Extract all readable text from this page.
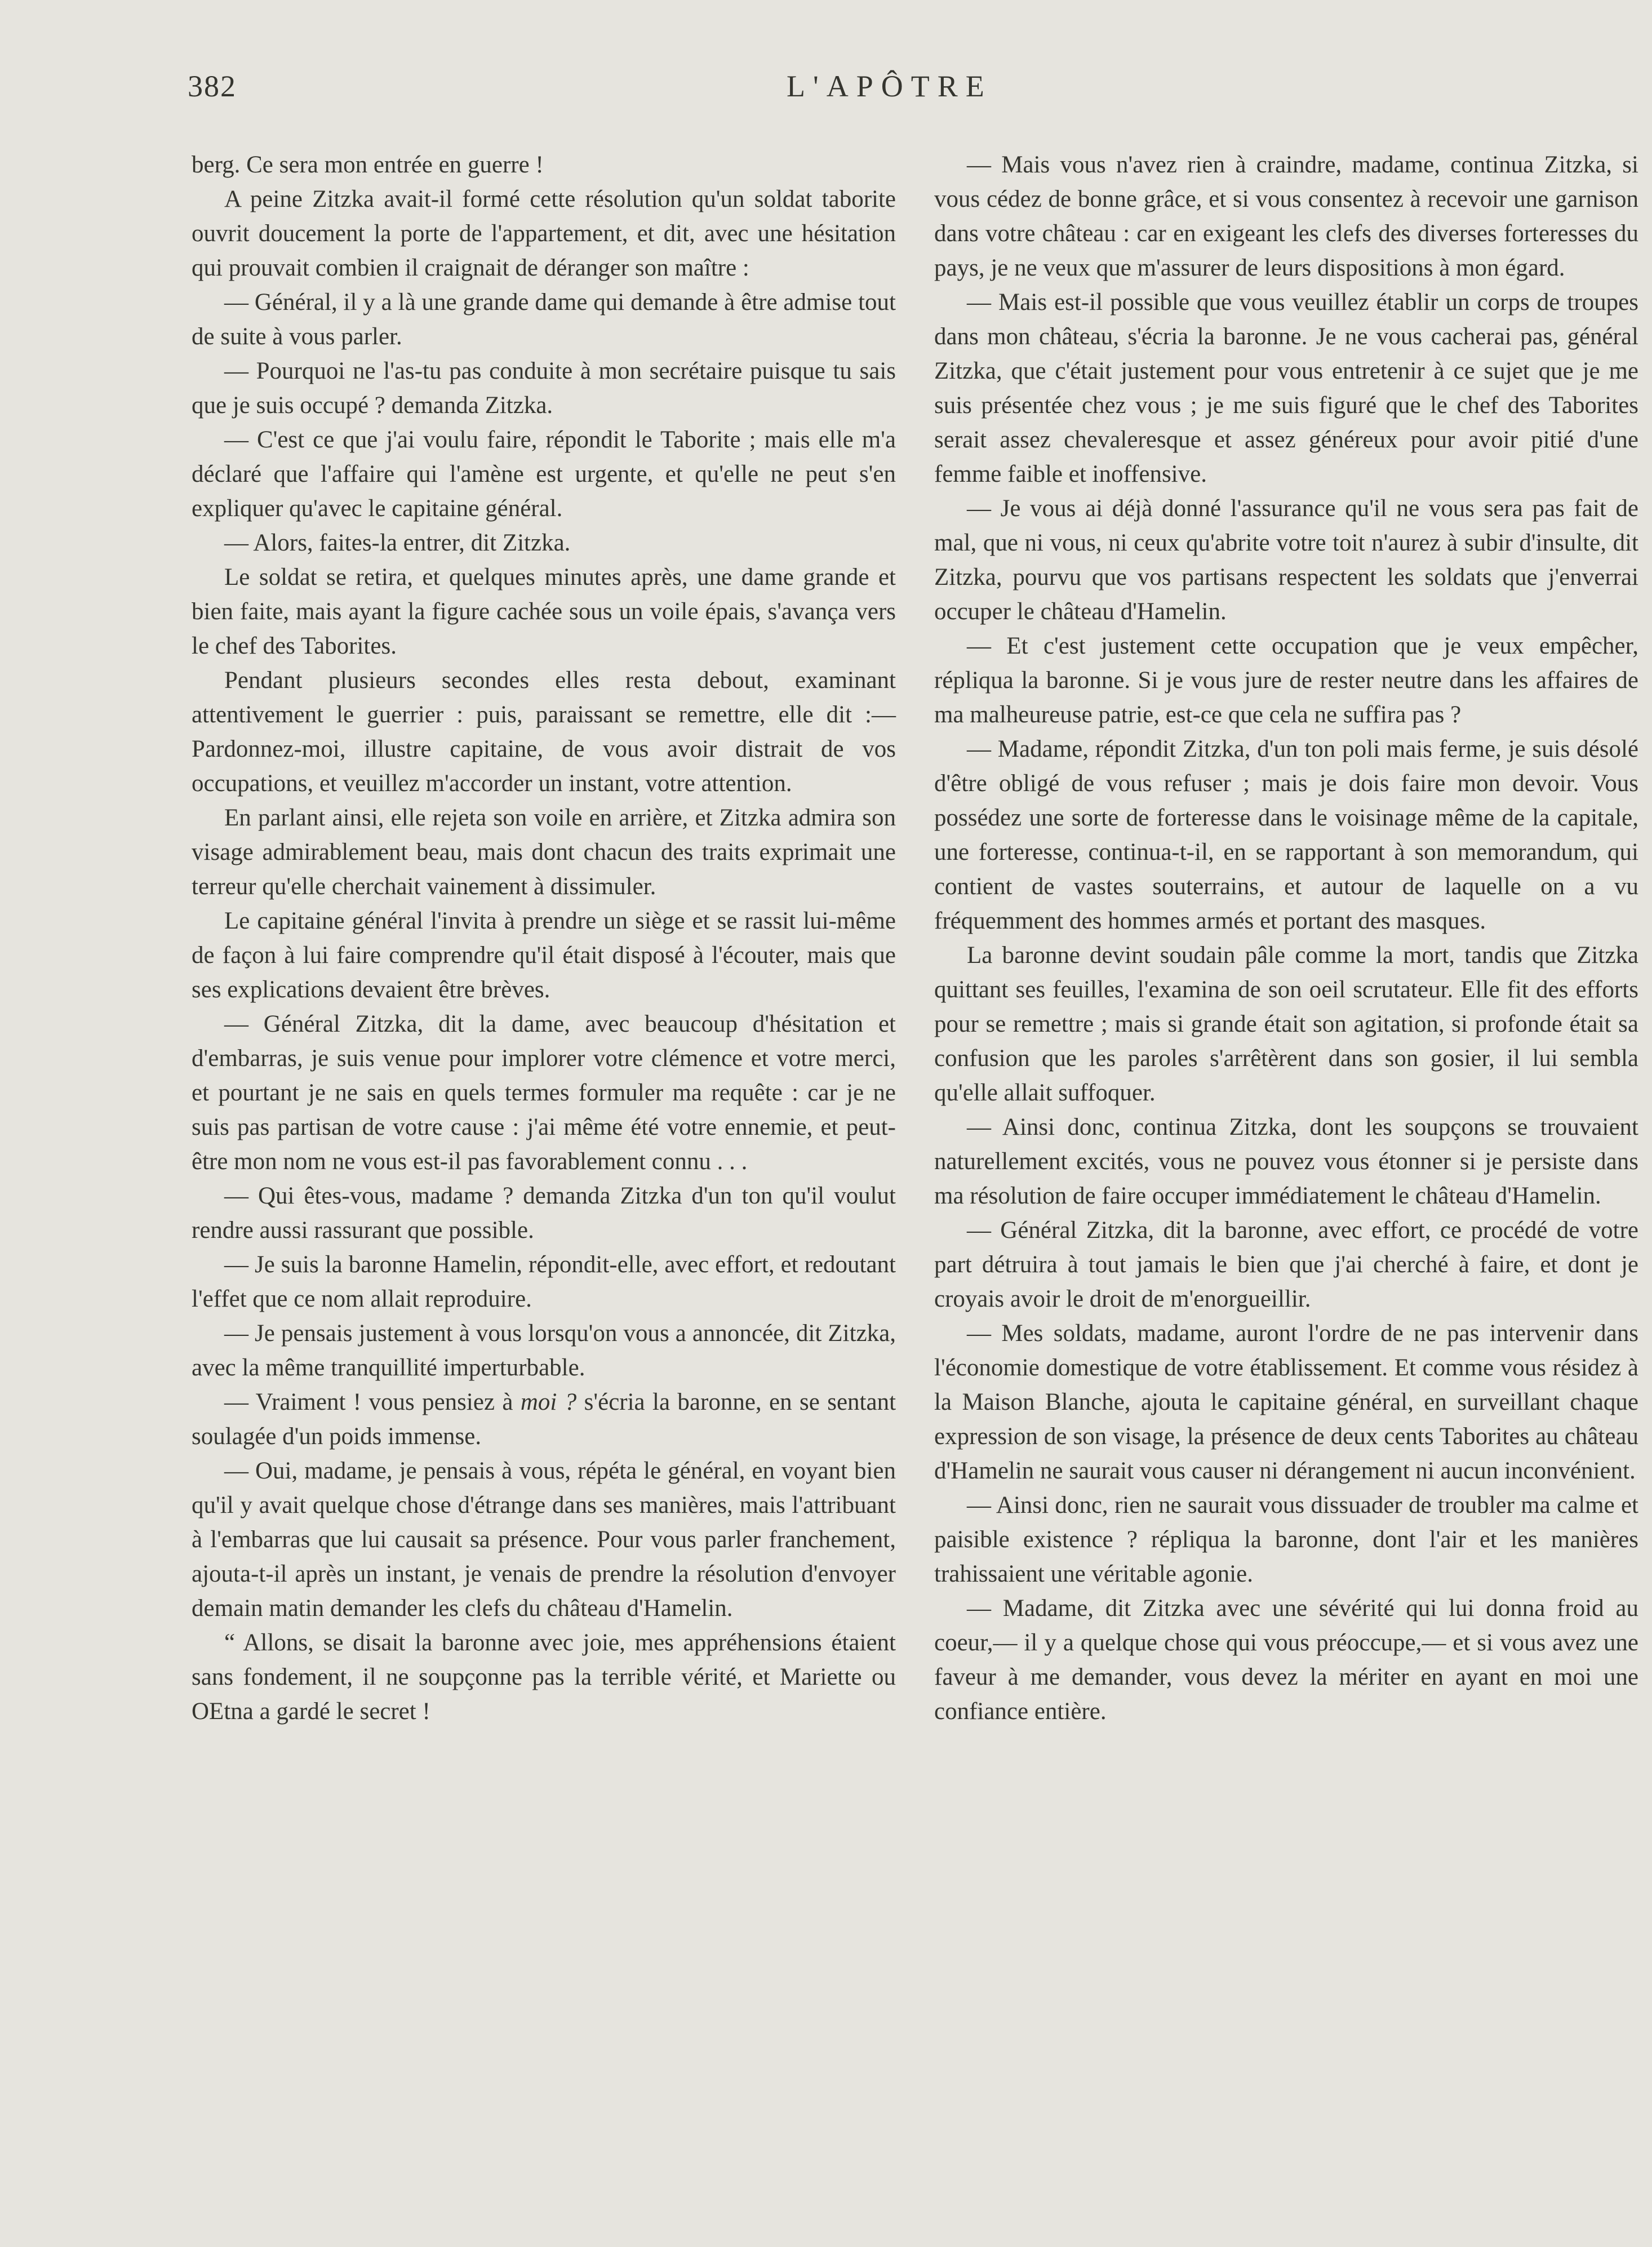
382	L'APÔTRE

berg. Ce sera mon entrée en guerre !

A peine Zitzka avait-il formé cette résolution qu'un soldat taborite ouvrit doucement la porte de l'appartement, et dit, avec une hésitation qui prouvait combien il craignait de déranger son maître :

— Général, il y a là une grande dame qui demande à être admise tout de suite à vous parler.

— Pourquoi ne l'as-tu pas conduite à mon secrétaire puisque tu sais que je suis occupé ? demanda Zitzka.

— C'est ce que j'ai voulu faire, répondit le Taborite ; mais elle m'a déclaré que l'affaire qui l'amène est urgente, et qu'elle ne peut s'en expliquer qu'avec le capitaine général.

— Alors, faites-la entrer, dit Zitzka.

Le soldat se retira, et quelques minutes après, une dame grande et bien faite, mais ayant la figure cachée sous un voile épais, s'avança vers le chef des Taborites.

Pendant plusieurs secondes elles resta debout, examinant attentivement le guerrier : puis, paraissant se remettre, elle dit :— Pardonnez-moi, illustre capitaine, de vous avoir distrait de vos occupations, et veuillez m'accorder un instant, votre attention.

En parlant ainsi, elle rejeta son voile en arrière, et Zitzka admira son visage admirablement beau, mais dont chacun des traits exprimait une terreur qu'elle cherchait vainement à dissimuler.

Le capitaine général l'invita à prendre un siège et se rassit lui-même de façon à lui faire comprendre qu'il était disposé à l'écouter, mais que ses explications devaient être brèves.

— Général Zitzka, dit la dame, avec beaucoup d'hésitation et d'embarras, je suis venue pour implorer votre clémence et votre merci, et pourtant je ne sais en quels termes formuler ma requête : car je ne suis pas partisan de votre cause : j'ai même été votre ennemie, et peut-être mon nom ne vous est-il pas favorablement connu . . .

— Qui êtes-vous, madame ? demanda Zitzka d'un ton qu'il voulut rendre aussi rassurant que possible.

— Je suis la baronne Hamelin, répondit-elle, avec effort, et redoutant l'effet que ce nom allait reproduire.

— Je pensais justement à vous lorsqu'on vous a annoncée, dit Zitzka, avec la même tranquillité imperturbable.

— Vraiment ! vous pensiez à moi ? s'écria la baronne, en se sentant soulagée d'un poids immense.

— Oui, madame, je pensais à vous, répéta le général, en voyant bien qu'il y avait quelque chose d'étrange dans ses manières, mais l'attribuant à l'embarras que lui causait sa présence. Pour vous parler franchement, ajouta-t-il après un instant, je venais de prendre la résolution d'envoyer demain matin demander les clefs du château d'Hamelin.

“ Allons, se disait la baronne avec joie, mes appréhensions étaient sans fondement, il ne soupçonne pas la terrible vérité, et Mariette ou OEtna a gardé le secret !

— Mais vous n'avez rien à craindre, madame, continua Zitzka, si vous cédez de bonne grâce, et si vous consentez à recevoir une garnison dans votre château : car en exigeant les clefs des diverses forteresses du pays, je ne veux que m'assurer de leurs dispositions à mon égard.

— Mais est-il possible que vous veuillez établir un corps de troupes dans mon château, s'écria la baronne. Je ne vous cacherai pas, général Zitzka, que c'était justement pour vous entretenir à ce sujet que je me suis présentée chez vous ; je me suis figuré que le chef des Taborites serait assez chevaleresque et assez généreux pour avoir pitié d'une femme faible et inoffensive.

— Je vous ai déjà donné l'assurance qu'il ne vous sera pas fait de mal, que ni vous, ni ceux qu'abrite votre toit n'aurez à subir d'insulte, dit Zitzka, pourvu que vos partisans respectent les soldats que j'enverrai occuper le château d'Hamelin.

— Et c'est justement cette occupation que je veux empêcher, répliqua la baronne. Si je vous jure de rester neutre dans les affaires de ma malheureuse patrie, est-ce que cela ne suffira pas ?

— Madame, répondit Zitzka, d'un ton poli mais ferme, je suis désolé d'être obligé de vous refuser ; mais je dois faire mon devoir. Vous possédez une sorte de forteresse dans le voisinage même de la capitale, une forteresse, continua-t-il, en se rapportant à son memorandum, qui contient de vastes souterrains, et autour de laquelle on a vu fréquemment des hommes armés et portant des masques.

La baronne devint soudain pâle comme la mort, tandis que Zitzka quittant ses feuilles, l'examina de son oeil scrutateur. Elle fit des efforts pour se remettre ; mais si grande était son agitation, si profonde était sa confusion que les paroles s'arrêtèrent dans son gosier, il lui sembla qu'elle allait suffoquer.

— Ainsi donc, continua Zitzka, dont les soupçons se trouvaient naturellement excités, vous ne pouvez vous étonner si je persiste dans ma résolution de faire occuper immédiatement le château d'Hamelin.

— Général Zitzka, dit la baronne, avec effort, ce procédé de votre part détruira à tout jamais le bien que j'ai cherché à faire, et dont je croyais avoir le droit de m'enorgueillir.

— Mes soldats, madame, auront l'ordre de ne pas intervenir dans l'économie domestique de votre établissement. Et comme vous résidez à la Maison Blanche, ajouta le capitaine général, en surveillant chaque expression de son visage, la présence de deux cents Taborites au château d'Hamelin ne saurait vous causer ni dérangement ni aucun inconvénient.

— Ainsi donc, rien ne saurait vous dissuader de troubler ma calme et paisible existence ? répliqua la baronne, dont l'air et les manières trahissaient une véritable agonie.

— Madame, dit Zitzka avec une sévérité qui lui donna froid au coeur,— il y a quelque chose qui vous préoccupe,— et si vous avez une faveur à me demander, vous devez la mériter en ayant en moi une confiance entière.
